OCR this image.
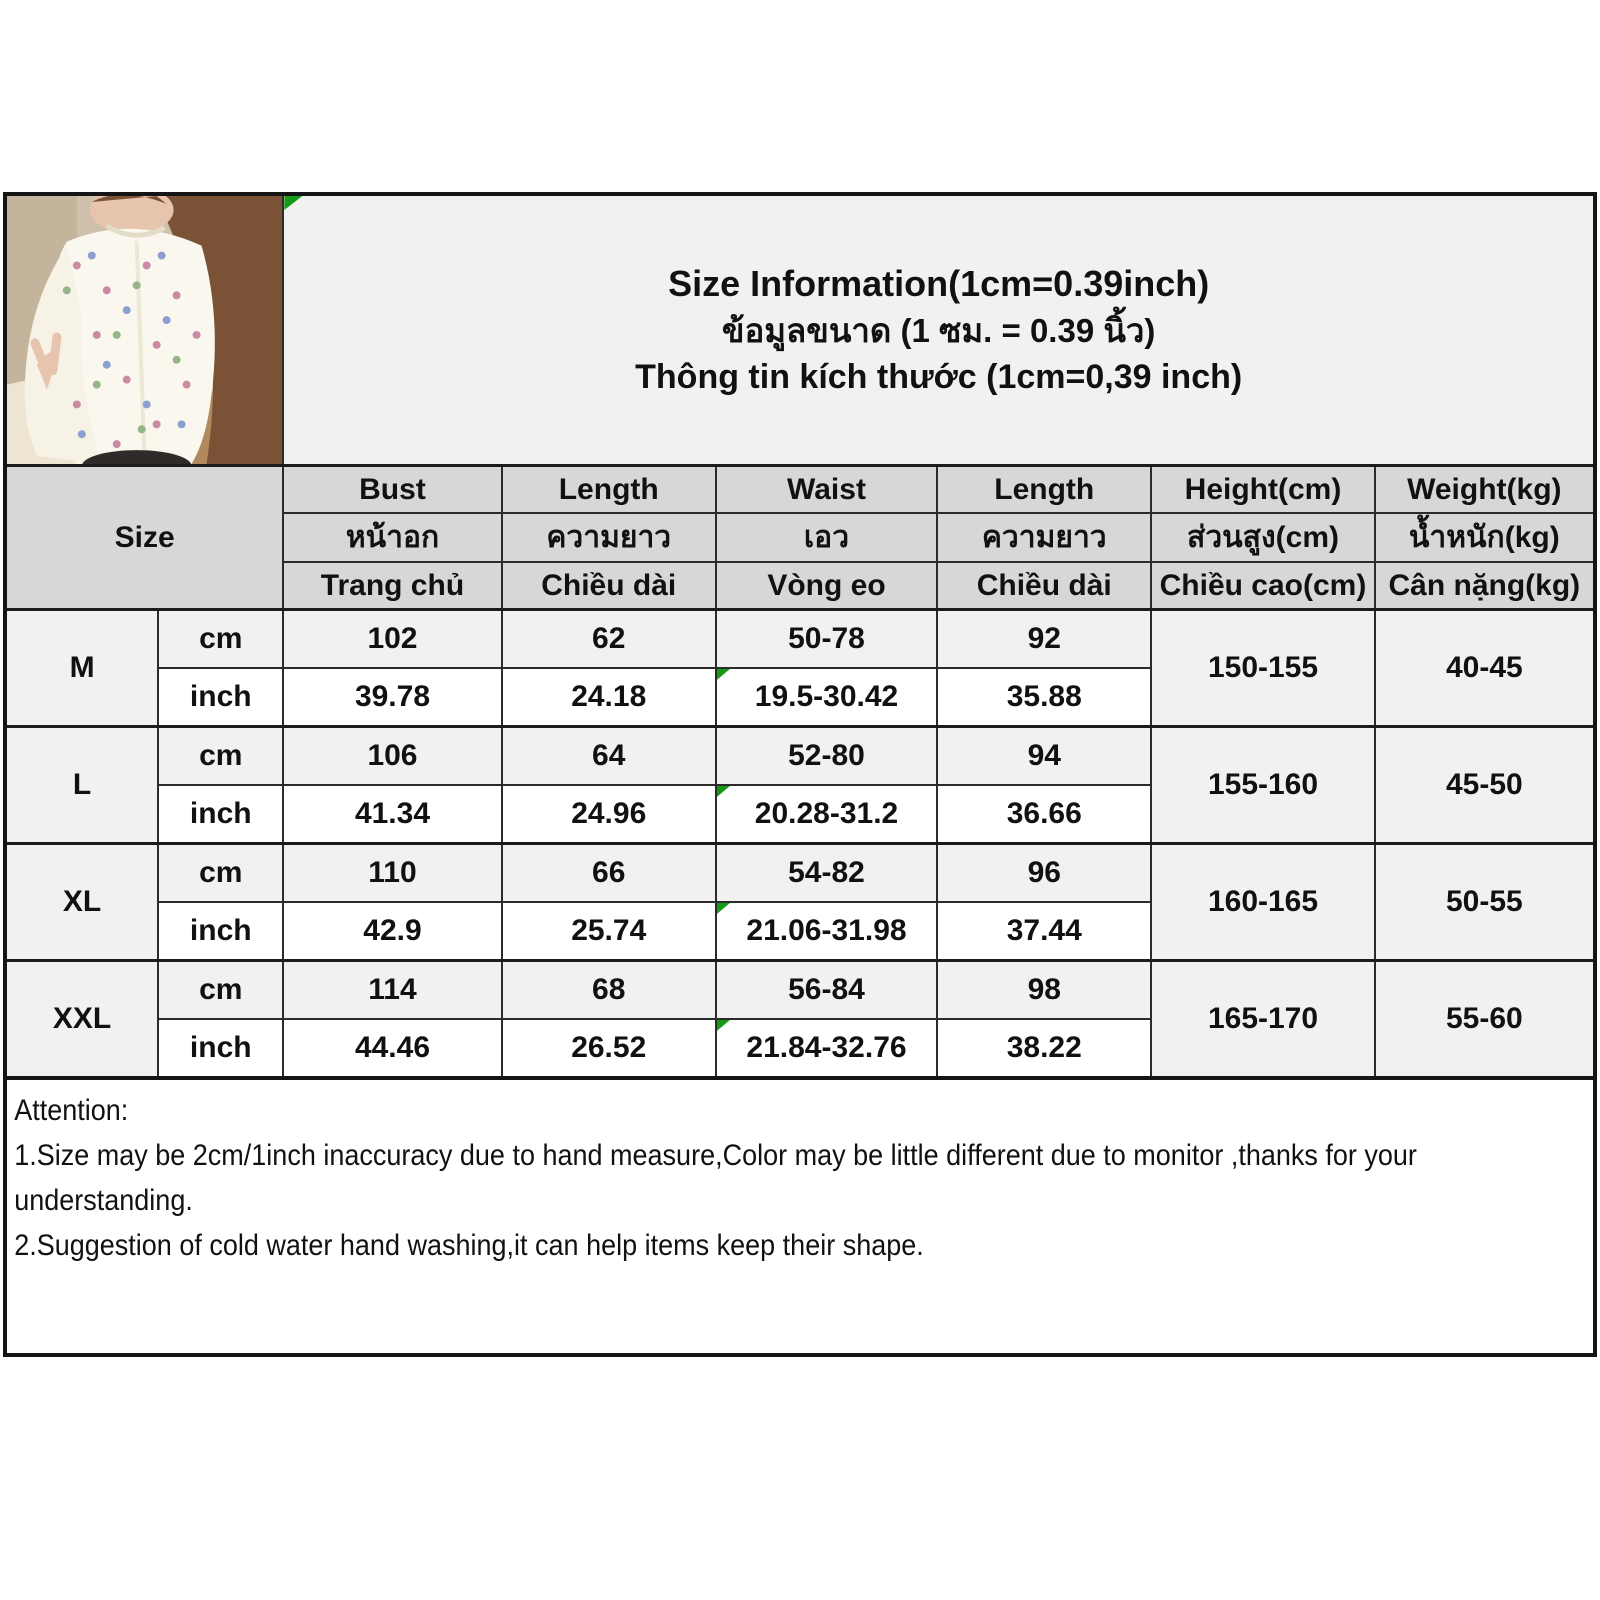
Size Information(1cm=0.39inch)
ข้อมูลขนาด (1 ซม. = 0.39 นิ้ว)
Thông tin kích thước (1cm=0,39 inch)					

Size		Bust	Length	Waist	Length	Height(cm)	Weight(kg)
		หน้าอก	ความยาว	เอว	ความยาว	ส่วนสูง(cm)	น้ำหนัก(kg)
		Trang chủ	Chiều dài	Vòng eo	Chiều dài	Chiều cao(cm)	Cân nặng(kg)
M	cm	102	62	50-78	92	150-155	40-45
	inch	39.78	24.18	19.5-30.42	35.88		
L	cm	106	64	52-80	94	155-160	45-50
	inch	41.34	24.96	20.28-31.2	36.66		
XL	cm	110	66	54-82	96	160-165	50-55
	inch	42.9	25.74	21.06-31.98	37.44		
XXL	cm	114	68	56-84	98	165-170	55-60
	inch	44.46	26.52	21.84-32.76	38.22		
Attention:
1.Size may be 2cm/1inch inaccuracy due to hand measure,Color may be little different due to monitor ,thanks for your
understanding.
2.Suggestion of cold water hand washing,it can help items keep their shape.
